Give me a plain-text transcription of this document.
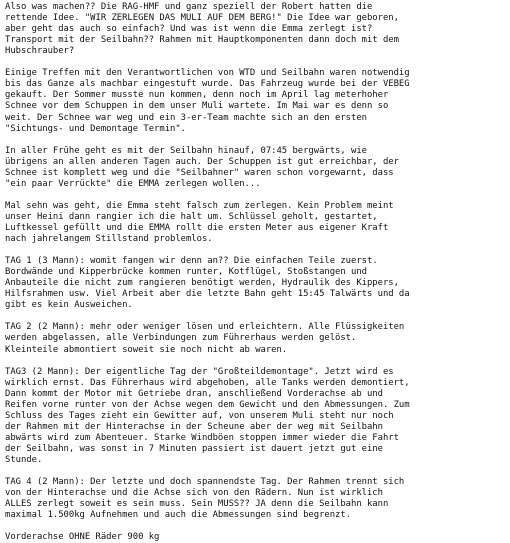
Also was machen?? Die RAG-HMF und ganz speziell der Robert hatten die
rettende Idee. "WIR ZERLEGEN DAS MULI AUF DEM BERG!" Die Idee war geboren,
aber geht das auch so einfach? Und was ist wenn die Emma zerlegt ist?
Transport mit der Seilbahn?? Rahmen mit Hauptkomponenten dann doch mit dem
Hubschrauber?

Einige Treffen mit den Verantwortlichen von WTD und Seilbahn waren notwendig
bis das Ganze als machbar eingestuft wurde. Das Fahrzeug wurde bei der VEBEG
gekauft. Der Sommer musste nun kommen, denn noch im April lag meterhoher
Schnee vor dem Schuppen in dem unser Muli wartete. Im Mai war es denn so
weit. Der Schnee war weg und ein 3-er-Team machte sich an den ersten
"Sichtungs- und Demontage Termin".

In aller Frühe geht es mit der Seilbahn hinauf, 07:45 bergwärts, wie
übrigens an allen anderen Tagen auch. Der Schuppen ist gut erreichbar, der
Schnee ist komplett weg und die "Seilbahner" waren schon vorgewarnt, dass
"ein paar Verrückte" die EMMA zerlegen wollen...

Mal sehn was geht, die Emma steht falsch zum zerlegen. Kein Problem meint
unser Heini dann rangier ich die halt um. Schlüssel geholt, gestartet,
Luftkessel gefüllt und die EMMA rollt die ersten Meter aus eigener Kraft
nach jahrelangem Stillstand problemlos.

TAG 1 (3 Mann): womit fangen wir denn an?? Die einfachen Teile zuerst.
Bordwände und Kipperbrücke kommen runter, Kotflügel, Stoßstangen und
Anbauteile die nicht zum rangieren benötigt werden, Hydraulik des Kippers,
Hilfsrahmen usw. Viel Arbeit aber die letzte Bahn geht 15:45 Talwärts und da
gibt es kein Ausweichen.

TAG 2 (2 Mann): mehr oder weniger lösen und erleichtern. Alle Flüssigkeiten
werden abgelassen, alle Verbindungen zum Führerhaus werden gelöst.
Kleinteile abmontiert soweit sie noch nicht ab waren.

TAG3 (2 Mann): Der eigentliche Tag der "Großteildemontage". Jetzt wird es
wirklich ernst. Das Führerhaus wird abgehoben, alle Tanks werden demontiert,
Dann kommt der Motor mit Getriebe dran, anschließend Vorderachse ab und
Reifen vorne runter von der Achse wegen dem Gewicht und den Abmessungen. Zum
Schluss des Tages zieht ein Gewitter auf, von unserem Muli steht nur noch
der Rahmen mit der Hinterachse in der Scheune aber der weg mit Seilbahn
abwärts wird zum Abenteuer. Starke Windböen stoppen immer wieder die Fahrt
der Seilbahn, was sonst in 7 Minuten passiert ist dauert jetzt gut eine
Stunde.

TAG 4 (2 Mann): Der letzte und doch spannendste Tag. Der Rahmen trennt sich
von der Hinterachse und die Achse sich von den Rädern. Nun ist wirklich
ALLES zerlegt soweit es sein muss. Sein MUSS?? JA denn die Seilbahn kann
maximal 1.500kg Aufnehmen und auch die Abmessungen sind begrenzt.

Vorderachse OHNE Räder 900 kg
